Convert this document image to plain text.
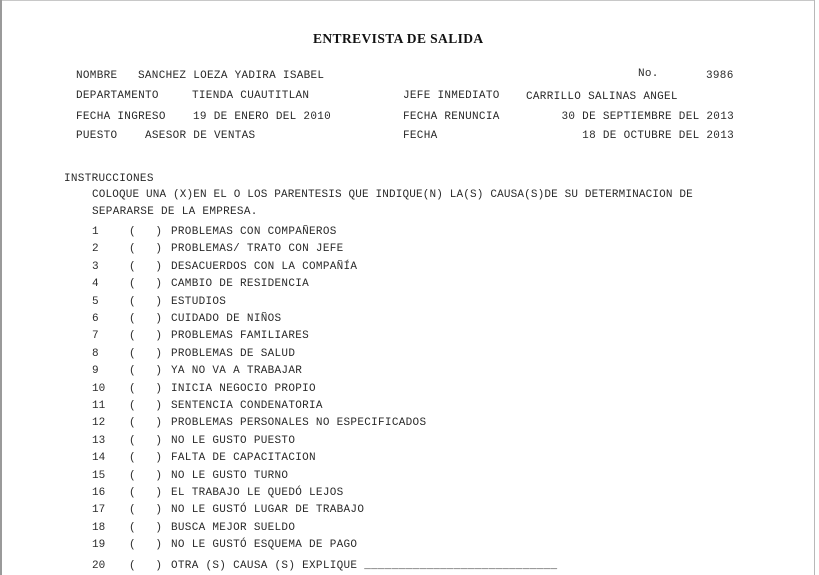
ENTREVISTA DE SALIDA
NOMBRE SANCHEZ LOEZA YADIRA ISABEL	No.	3986
DEPARTAMENTO	TIENDA CUAUTITLAN	JEFE INMEDIATO CARRILLO SALINAS ANGEL
FECHA INGRESO 19 DE ENERO DEL 2010	FECHA RENUNCIA	30 DE SEPTIEMBRE DEL 2013
PUESTO	ASESOR DE VENTAS	FECHA	18 DE OCTUBRE DEL 2013
INSTRUCCIONES
COLOQUE UNA (X)EN EL O LOS PARENTESIS QUE INDIQUE(N) LA(S) CAUSA(S)DE SU DETERMINACION DE
SEPARARSE DE LA EMPRESA.
1	(   ) PROBLEMAS CON COMPAÑEROS
2	(   ) PROBLEMAS/ TRATO CON JEFE
3	(   ) DESACUERDOS CON LA COMPAÑÍA
4	(   ) CAMBIO DE RESIDENCIA
5	(   ) ESTUDIOS
6	(   ) CUIDADO DE NIÑOS
7	(   ) PROBLEMAS FAMILIARES
8	(   ) PROBLEMAS DE SALUD
9	(   ) YA NO VA A TRABAJAR
10 (   ) INICIA NEGOCIO PROPIO
11 (   ) SENTENCIA CONDENATORIA
12 (   ) PROBLEMAS PERSONALES NO ESPECIFICADOS
13 (   ) NO LE GUSTO PUESTO
14 (   ) FALTA DE CAPACITACION
15 (   ) NO LE GUSTO TURNO
16 (   ) EL TRABAJO LE QUEDÓ LEJOS
17 (   ) NO LE GUSTÓ LUGAR DE TRABAJO
18 (   ) BUSCA MEJOR SUELDO
19 (   ) NO LE GUSTÓ ESQUEMA DE PAGO
20 (   ) OTRA (S) CAUSA (S) EXPLIQUE ____________________________
